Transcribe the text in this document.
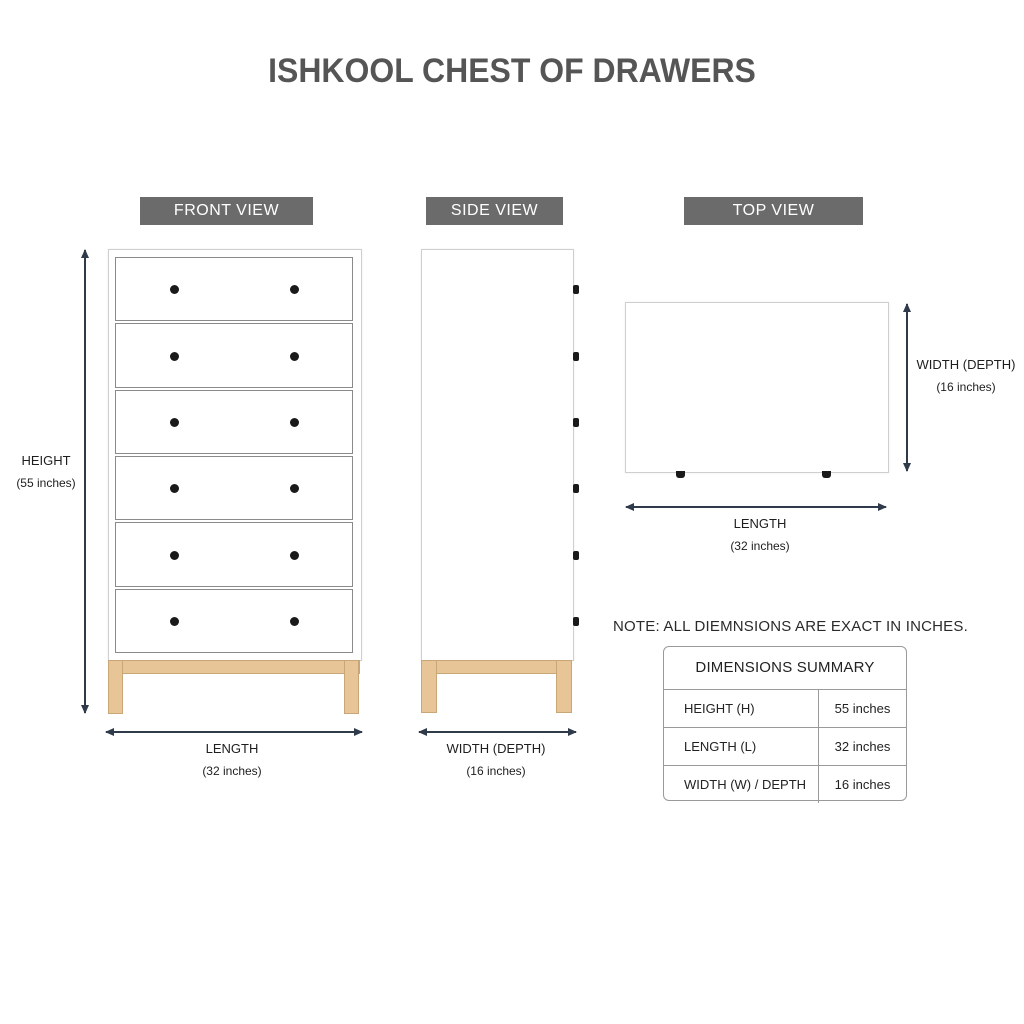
ISHKOOL CHEST OF DRAWERS
FRONT VIEW	SIDE VIEW	TOP VIEW
HEIGHT
(55 inches)
LENGTH
(32 inches)
WIDTH (DEPTH)
(16 inches)
WIDTH (DEPTH)
(16 inches)
LENGTH
(32 inches)
NOTE: ALL DIEMNSIONS ARE EXACT IN INCHES.
DIMENSIONS SUMMARY
HEIGHT (H)	55 inches
LENGTH (L)	32 inches
WIDTH (W) / DEPTH	16 inches
